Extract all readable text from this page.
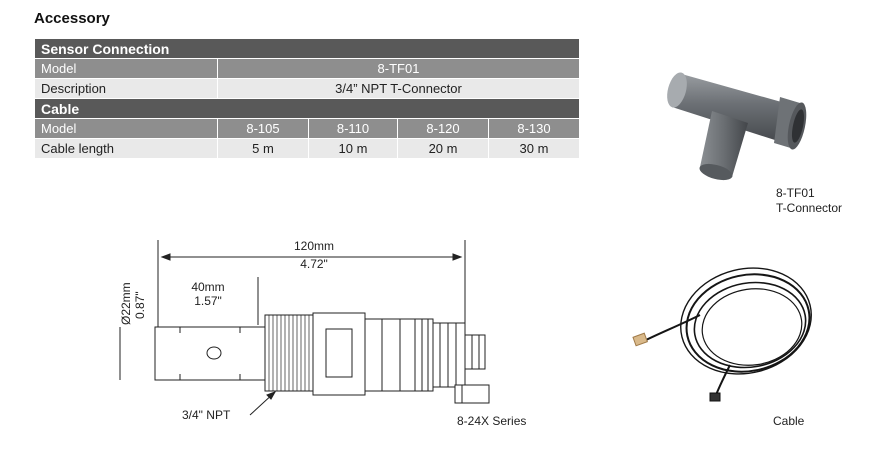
Accessory
Sensor Connection				
Model	8-TF01			
Description	3/4” NPT T-Connector			
Cable				
Model	8-105	8-110	8-120	8-130
Cable length	5 m	10 m	20 m	30 m
8-TF01
T-Connector
120mm
4.72"
40mm
1.57"
Ø22mm 0.87"
3/4" NPT	8-24X Series	Cable
